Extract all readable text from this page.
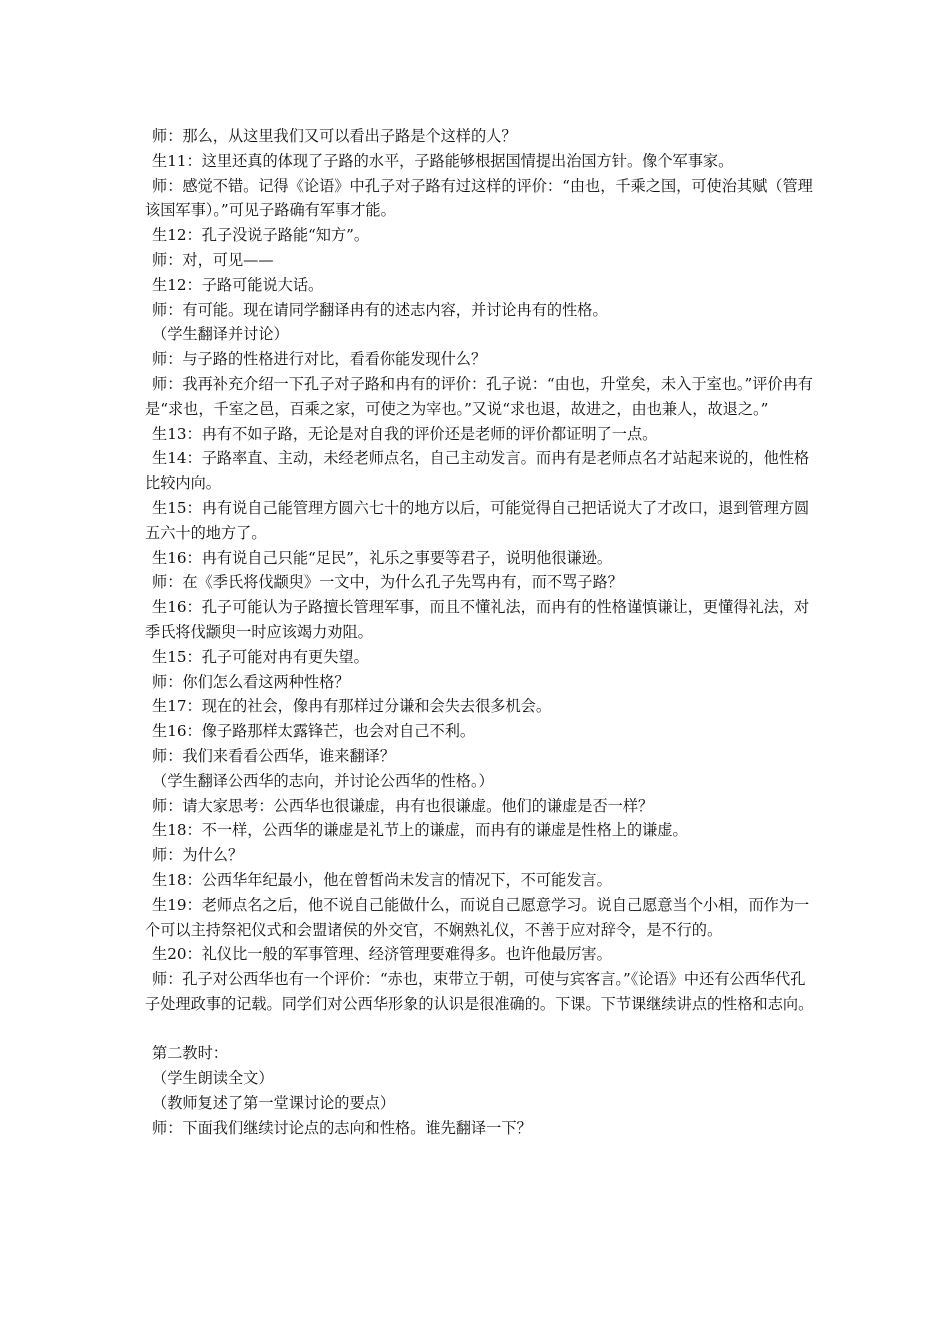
师：那么，从这里我们又可以看出子路是个这样的人？

生11：这里还真的体现了子路的水平，子路能够根据国情提出治国方针。像个军事家。

师：感觉不错。记得《论语》中孔子对子路有过这样的评价：“由也，千乘之国，可使治其赋（管理该国军事）。”可见子路确有军事才能。

生12：孔子没说子路能“知方”。

师：对，可见——

生12：子路可能说大话。

师：有可能。现在请同学翻译冉有的述志内容，并讨论冉有的性格。

（学生翻译并讨论）

师：与子路的性格进行对比，看看你能发现什么？

师：我再补充介绍一下孔子对子路和冉有的评价：孔子说：“由也，升堂矣，未入于室也。”评价冉有是“求也，千室之邑，百乘之家，可使之为宰也。”又说“求也退，故进之，由也兼人，故退之。”

生13：冉有不如子路，无论是对自我的评价还是老师的评价都证明了一点。

生14：子路率直、主动，未经老师点名，自己主动发言。而冉有是老师点名才站起来说的，他性格比较内向。

生15：冉有说自己能管理方圆六七十的地方以后，可能觉得自己把话说大了才改口，退到管理方圆五六十的地方了。

生16：冉有说自己只能“足民”，礼乐之事要等君子，说明他很谦逊。

师：在《季氏将伐颛臾》一文中，为什么孔子先骂冉有，而不骂子路？

生16：孔子可能认为子路擅长管理军事，而且不懂礼法，而冉有的性格谨慎谦让，更懂得礼法，对季氏将伐颛臾一时应该竭力劝阻。

生15：孔子可能对冉有更失望。

师：你们怎么看这两种性格？

生17：现在的社会，像冉有那样过分谦和会失去很多机会。

生16：像子路那样太露锋芒，也会对自己不利。

师：我们来看看公西华，谁来翻译？

（学生翻译公西华的志向，并讨论公西华的性格。）

师：请大家思考：公西华也很谦虚，冉有也很谦虚。他们的谦虚是否一样？

生18：不一样，公西华的谦虚是礼节上的谦虚，而冉有的谦虚是性格上的谦虚。

师：为什么？

生18：公西华年纪最小，他在曾皙尚未发言的情况下，不可能发言。

生19：老师点名之后，他不说自己能做什么，而说自己愿意学习。说自己愿意当个小相，而作为一个可以主持祭祀仪式和会盟诸侯的外交官，不娴熟礼仪，不善于应对辞令，是不行的。

生20：礼仪比一般的军事管理、经济管理要难得多。也许他最厉害。

师：孔子对公西华也有一个评价：“赤也，束带立于朝，可使与宾客言。”《论语》中还有公西华代孔子处理政事的记载。同学们对公西华形象的认识是很准确的。下课。下节课继续讲点的性格和志向。

第二教时：

（学生朗读全文）

（教师复述了第一堂课讨论的要点）

师：下面我们继续讨论点的志向和性格。谁先翻译一下？
